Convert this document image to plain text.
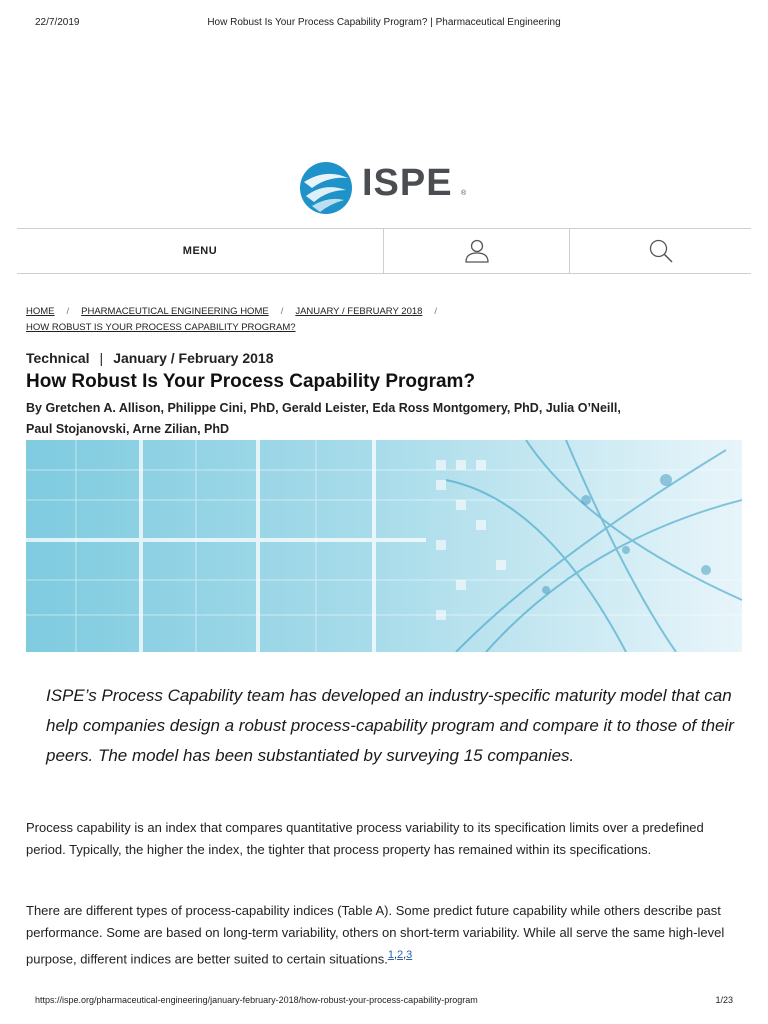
22/7/2019	How Robust Is Your Process Capability Program? | Pharmaceutical Engineering
ISPE ®
MENU
HOME / PHARMACEUTICAL ENGINEERING HOME / JANUARY / FEBRUARY 2018 /
HOW ROBUST IS YOUR PROCESS CAPABILITY PROGRAM?
Technical | January / February 2018
How Robust Is Your Process Capability Program?
By Gretchen A. Allison, Philippe Cini, PhD, Gerald Leister, Eda Ross Montgomery, PhD, Julia O’Neill,
Paul Stojanovski, Arne Zilian, PhD
ISPE’s Process Capability team has developed an industry-specific maturity model that can help companies design a robust process-capability program and compare it to those of their peers. The model has been substantiated by surveying 15 companies.
Process capability is an index that compares quantitative process variability to its specification limits over a predefined period. Typically, the higher the index, the tighter that process property has remained within its specifications.
There are different types of process-capability indices (Table A). Some predict future capability while others describe past performance. Some are based on long-term variability, others on short-term variability. While all serve the same high-level purpose, different indices are better suited to certain situations.$^{1,2,3}$
https://ispe.org/pharmaceutical-engineering/january-february-2018/how-robust-your-process-capability-program	1/23
